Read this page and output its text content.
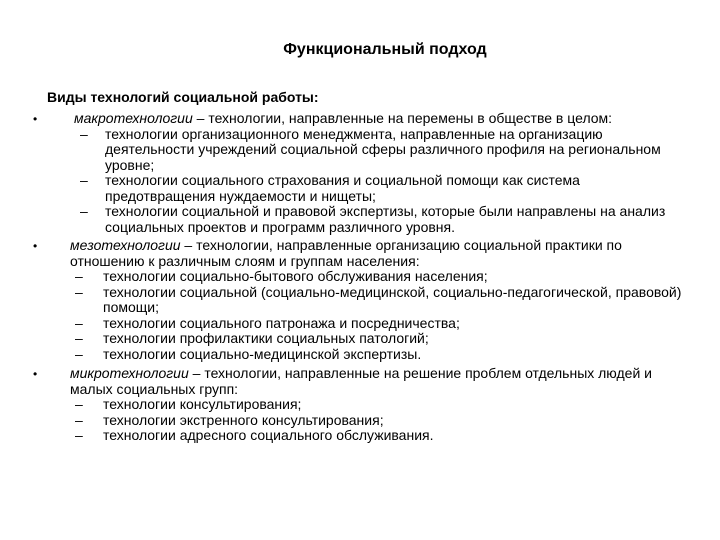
Функциональный подход
Виды технологий социальной работы:
•	макротехнологии – технологии, направленные на перемены в обществе в целом:
– технологии организационного менеджмента, направленные на организацию деятельности учреждений социальной сферы различного профиля на региональном уровне;
– технологии социального страхования и социальной помощи как система предотвращения нуждаемости и нищеты;
– технологии социальной и правовой экспертизы, которые были направлены на анализ социальных проектов и программ различного уровня.
• мезотехнологии – технологии, направленные организацию социальной практики по отношению к различным слоям и группам населения:
– технологии социально-бытового обслуживания населения;
– технологии социальной (социально-медицинской, социально-педагогической, правовой) помощи;
– технологии социального патронажа и посредничества;
– технологии профилактики социальных патологий;
– технологии социально-медицинской экспертизы.
• микротехнологии – технологии, направленные на решение проблем отдельных людей и малых социальных групп:
– технологии консультирования;
– технологии экстренного консультирования;
– технологии адресного социального обслуживания.
